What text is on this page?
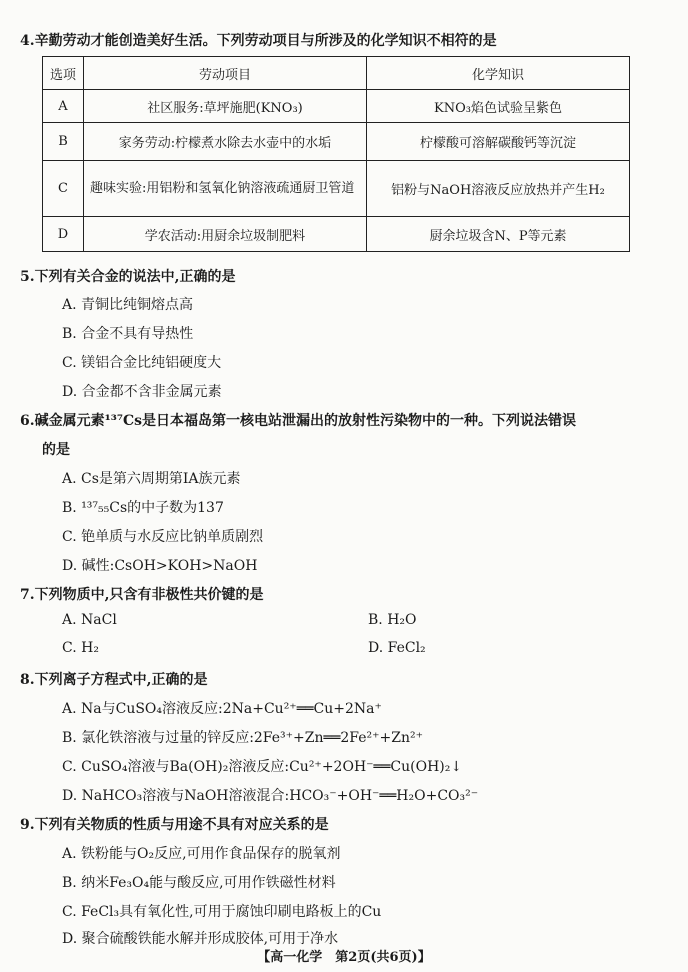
4.辛勤劳动才能创造美好生活。下列劳动项目与所涉及的化学知识不相符的是
选项	劳动项目	化学知识
A	社区服务:草坪施肥(KNO₃)	KNO₃焰色试验呈紫色
B	家务劳动:柠檬煮水除去水壶中的水垢	柠檬酸可溶解碳酸钙等沉淀
C	趣味实验:用铝粉和氢氧化钠溶液疏通厨卫管道	铝粉与NaOH溶液反应放热并产生H₂
D	学农活动:用厨余垃圾制肥料	厨余垃圾含N、P等元素
5.下列有关合金的说法中,正确的是
A. 青铜比纯铜熔点高
B. 合金不具有导热性
C. 镁铝合金比纯铝硬度大
D. 合金都不含非金属元素
6.碱金属元素¹³⁷Cs是日本福岛第一核电站泄漏出的放射性污染物中的一种。下列说法错误
的是
A. Cs是第六周期第ⅠA族元素
B. ¹³⁷₅₅Cs的中子数为137
C. 铯单质与水反应比钠单质剧烈
D. 碱性:CsOH>KOH>NaOH
7.下列物质中,只含有非极性共价键的是
A. NaCl	B. H₂O
C. H₂	D. FeCl₂
8.下列离子方程式中,正确的是
A. Na与CuSO₄溶液反应:2Na+Cu²⁺══Cu+2Na⁺
B. 氯化铁溶液与过量的锌反应:2Fe³⁺+Zn══2Fe²⁺+Zn²⁺
C. CuSO₄溶液与Ba(OH)₂溶液反应:Cu²⁺+2OH⁻══Cu(OH)₂↓
D. NaHCO₃溶液与NaOH溶液混合:HCO₃⁻+OH⁻══H₂O+CO₃²⁻
9.下列有关物质的性质与用途不具有对应关系的是
A. 铁粉能与O₂反应,可用作食品保存的脱氧剂
B. 纳米Fe₃O₄能与酸反应,可用作铁磁性材料
C. FeCl₃具有氧化性,可用于腐蚀印刷电路板上的Cu
D. 聚合硫酸铁能水解并形成胶体,可用于净水
【高一化学　第2页(共6页)】
